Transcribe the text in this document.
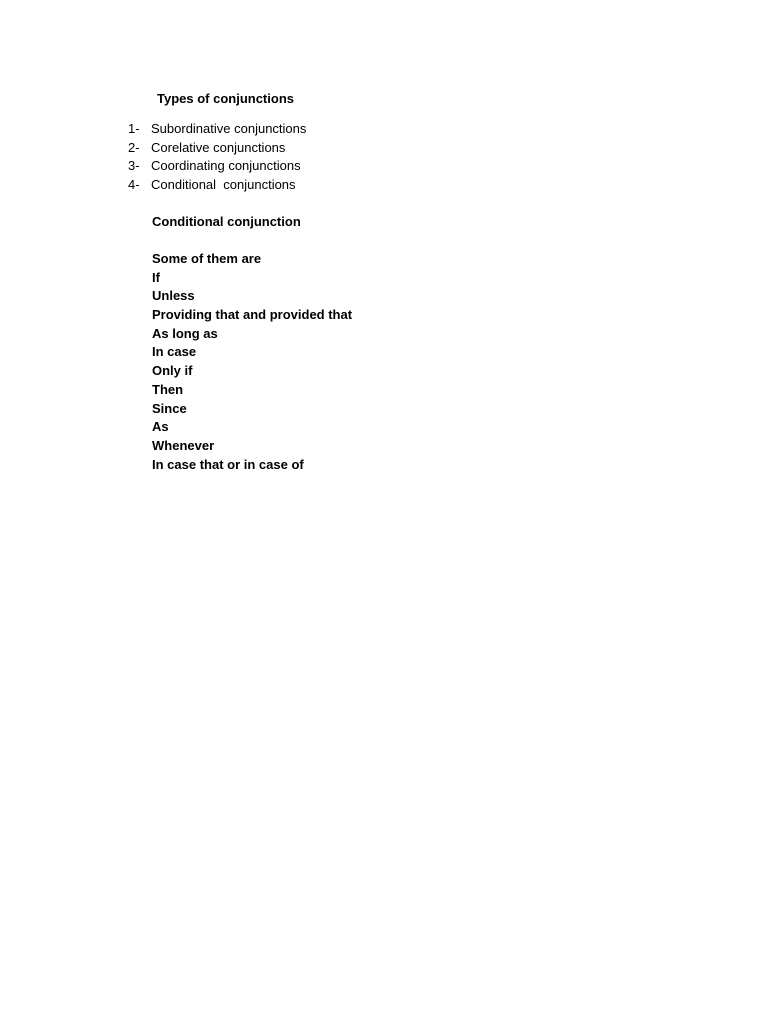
Types of conjunctions
1- Subordinative conjunctions
2- Corelative conjunctions
3- Coordinating conjunctions
4- Conditional  conjunctions
Conditional conjunction
Some of them are
If
Unless
Providing that and provided that
As long as
In case
Only if
Then
Since
As
Whenever
In case that or in case of
